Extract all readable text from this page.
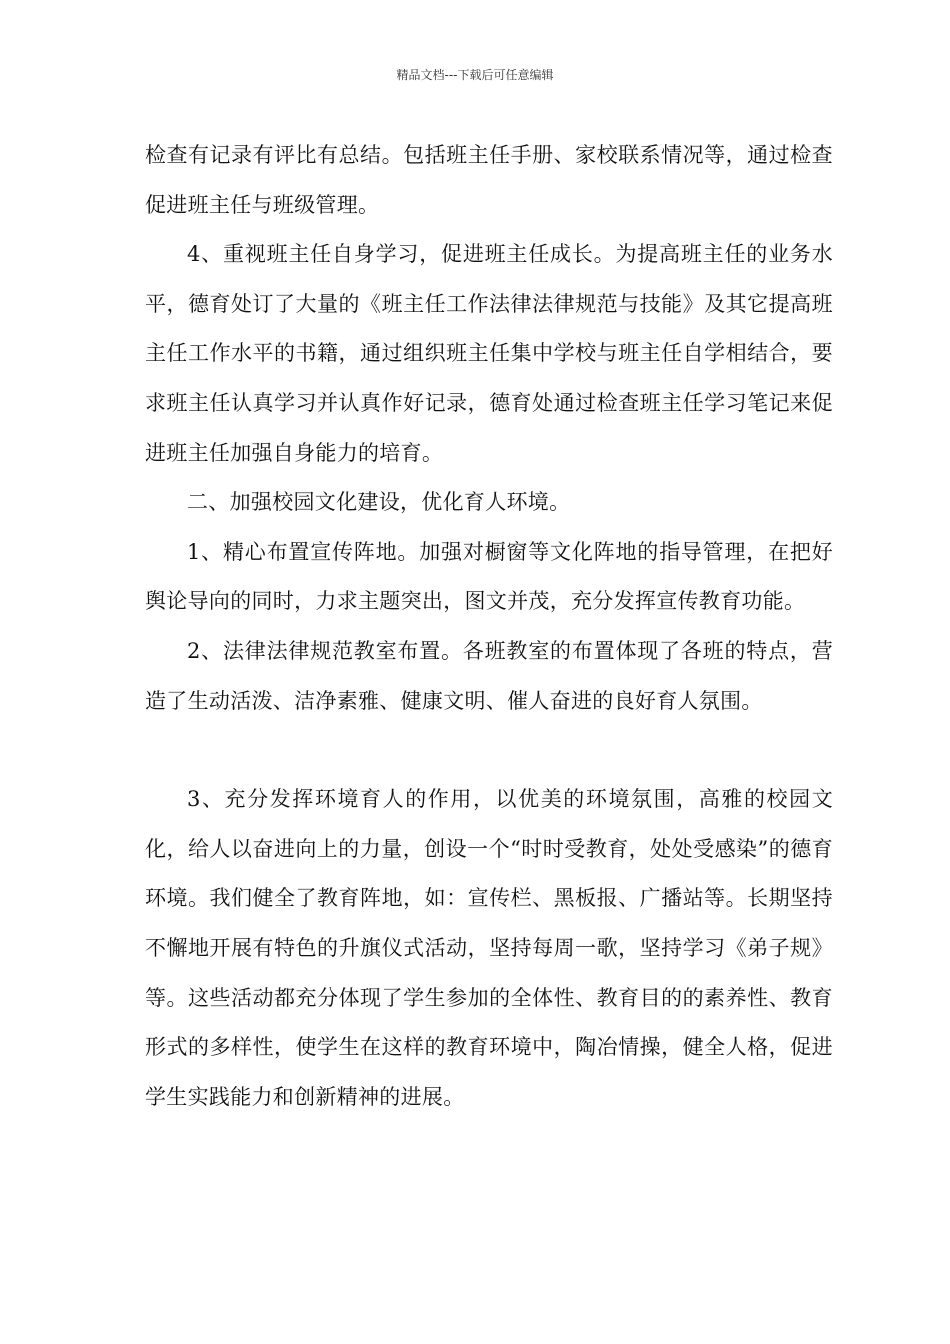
精品文档---下载后可任意编辑

检查有记录有评比有总结。包括班主任手册、家校联系情况等，通过检查促进班主任与班级管理。

4、重视班主任自身学习，促进班主任成长。为提高班主任的业务水平，德育处订了大量的《班主任工作法律法律规范与技能》及其它提高班主任工作水平的书籍，通过组织班主任集中学校与班主任自学相结合，要求班主任认真学习并认真作好记录，德育处通过检查班主任学习笔记来促进班主任加强自身能力的培育。

二、加强校园文化建设，优化育人环境。

1、精心布置宣传阵地。加强对橱窗等文化阵地的指导管理，在把好舆论导向的同时，力求主题突出，图文并茂，充分发挥宣传教育功能。

2、法律法律规范教室布置。各班教室的布置体现了各班的特点，营造了生动活泼、洁净素雅、健康文明、催人奋进的良好育人氛围。

3、充分发挥环境育人的作用，以优美的环境氛围，高雅的校园文化，给人以奋进向上的力量，创设一个“时时受教育，处处受感染”的德育环境。我们健全了教育阵地，如：宣传栏、黑板报、广播站等。长期坚持不懈地开展有特色的升旗仪式活动，坚持每周一歌，坚持学习《弟子规》等。这些活动都充分体现了学生参加的全体性、教育目的的素养性、教育形式的多样性，使学生在这样的教育环境中，陶冶情操，健全人格，促进学生实践能力和创新精神的进展。
